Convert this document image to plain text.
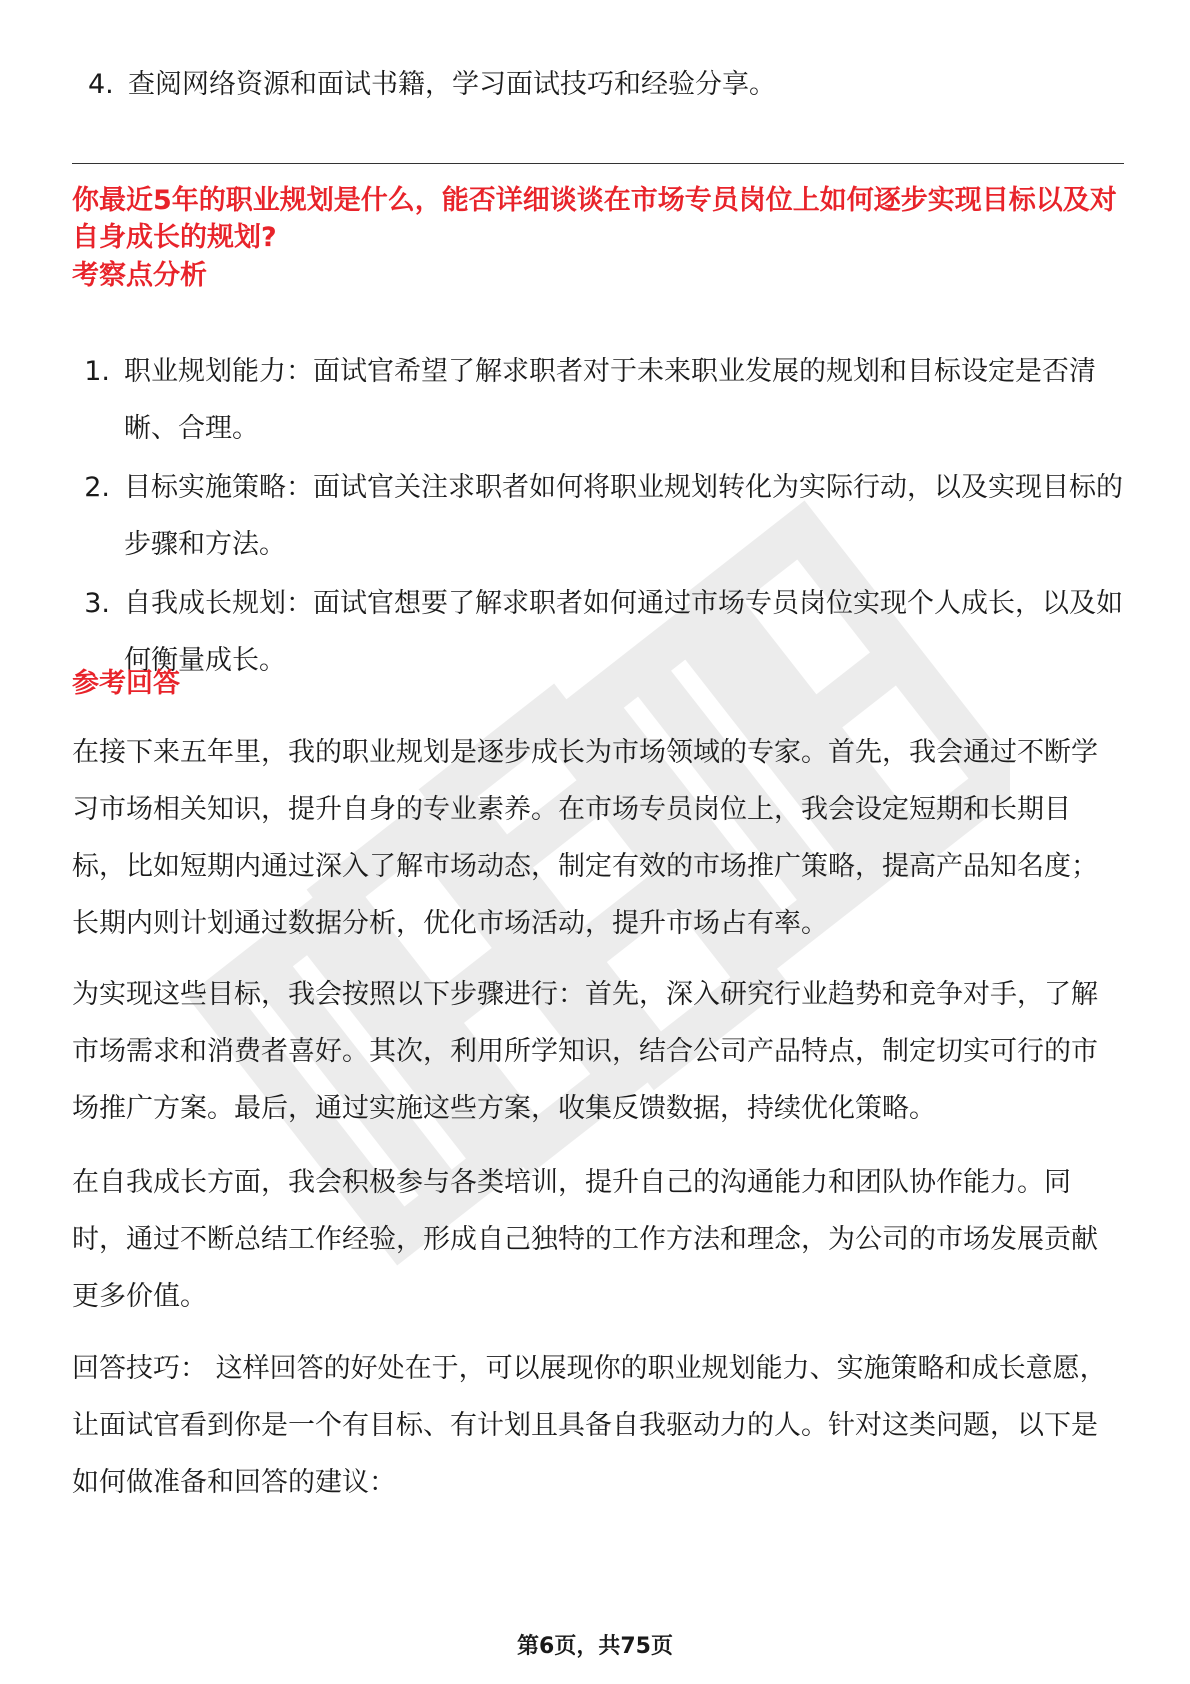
4. 查阅网络资源和面试书籍，学习面试技巧和经验分享。
你最近5年的职业规划是什么，能否详细谈谈在市场专员岗位上如何逐步实现目标以及对自身成长的规划?
考察点分析
1. 职业规划能力：面试官希望了解求职者对于未来职业发展的规划和目标设定是否清晰、合理。
2. 目标实施策略：面试官关注求职者如何将职业规划转化为实际行动，以及实现目标的步骤和方法。
3. 自我成长规划：面试官想要了解求职者如何通过市场专员岗位实现个人成长，以及如何衡量成长。
参考回答

在接下来五年里，我的职业规划是逐步成长为市场领域的专家。首先，我会通过不断学习市场相关知识，提升自身的专业素养。在市场专员岗位上，我会设定短期和长期目标，比如短期内通过深入了解市场动态，制定有效的市场推广策略，提高产品知名度；长期内则计划通过数据分析，优化市场活动，提升市场占有率。

为实现这些目标，我会按照以下步骤进行：首先，深入研究行业趋势和竞争对手，了解市场需求和消费者喜好。其次，利用所学知识，结合公司产品特点，制定切实可行的市场推广方案。最后，通过实施这些方案，收集反馈数据，持续优化策略。

在自我成长方面，我会积极参与各类培训，提升自己的沟通能力和团队协作能力。同时，通过不断总结工作经验，形成自己独特的工作方法和理念，为公司的市场发展贡献更多价值。

回答技巧： 这样回答的好处在于，可以展现你的职业规划能力、实施策略和成长意愿，让面试官看到你是一个有目标、有计划且具备自我驱动力的人。针对这类问题，以下是如何做准备和回答的建议：

第6页，共75页
